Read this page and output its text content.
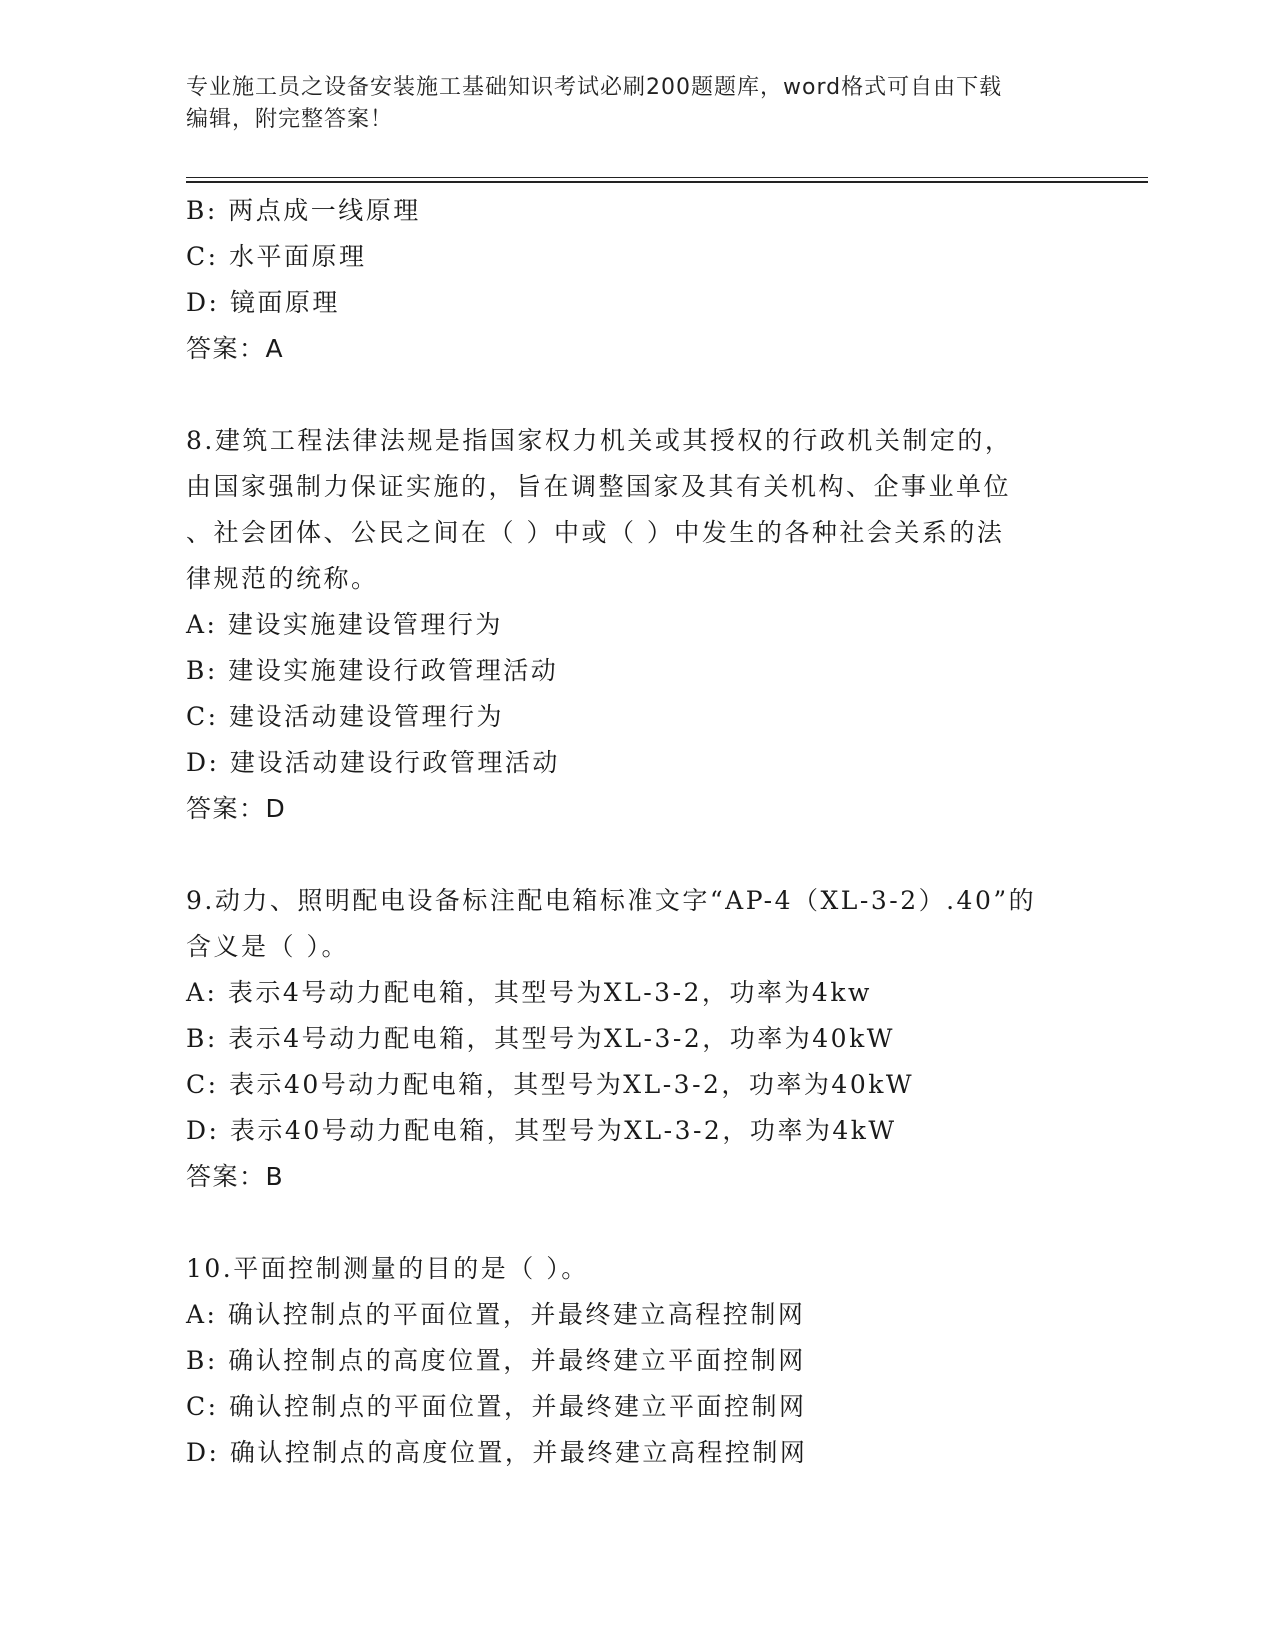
专业施工员之设备安装施工基础知识考试必刷200题题库，word格式可自由下载
编辑，附完整答案！
B: 两点成一线原理
C: 水平面原理
D: 镜面原理
答案：A
8.建筑工程法律法规是指国家权力机关或其授权的行政机关制定的，
由国家强制力保证实施的，旨在调整国家及其有关机构、企事业单位
、社会团体、公民之间在（ ）中或（ ）中发生的各种社会关系的法
律规范的统称。
A: 建设实施建设管理行为
B: 建设实施建设行政管理活动
C: 建设活动建设管理行为
D: 建设活动建设行政管理活动
答案：D
9.动力、照明配电设备标注配电箱标准文字“AP-4（XL-3-2）.40”的
含义是（ ）。
A: 表示4号动力配电箱，其型号为XL-3-2，功率为4kw
B: 表示4号动力配电箱，其型号为XL-3-2，功率为40kW
C: 表示40号动力配电箱，其型号为XL-3-2，功率为40kW
D: 表示40号动力配电箱，其型号为XL-3-2，功率为4kW
答案：B
10.平面控制测量的目的是（ ）。
A: 确认控制点的平面位置，并最终建立高程控制网
B: 确认控制点的高度位置，并最终建立平面控制网
C: 确认控制点的平面位置，并最终建立平面控制网
D: 确认控制点的高度位置，并最终建立高程控制网
